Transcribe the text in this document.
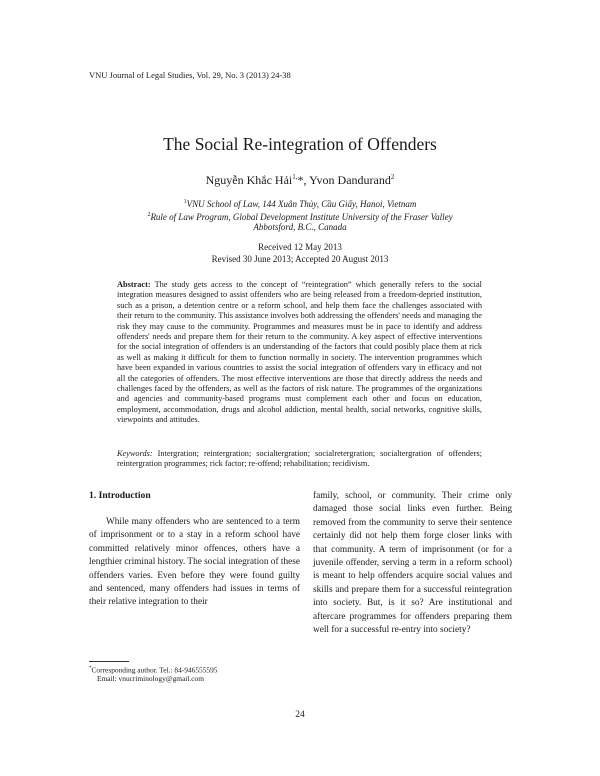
VNU Journal of Legal Studies, Vol. 29, No. 3 (2013) 24-38
The Social Re-integration of Offenders
Nguyễn Khắc Hải$^{1,}$*, Yvon Dandurand$^2$
$^1$VNU School of Law, 144 Xuân Thủy, Cầu Giấy, Hanoi, Vietnam
$^2$Rule of Law Program, Global Development Institute University of the Fraser Valley
Abbotsford, B.C., Canada
Received 12 May 2013
Revised 30 June 2013; Accepted 20 August 2013
Abstract: The study gets access to the concept of “reintegration” which generally refers to the social integration measures designed to assist offenders who are being released from a freedom-depried institution, such as a prison, a detention centre or a reform school, and help them face the challenges associated with their return to the community. This assistance involves both addressing the offenders' needs and managing the risk they may cause to the community. Programmes and measures must be in pace to identify and address offenders' needs and prepare them for their return to the community. A key aspect of effective interventions for the social integration of offenders is an understanding of the factors that could posibly place them at rick as well as making it difficult for them to function normally in society. The intervention programmes which have been expanded in various countries to assist the social integration of offenders vary in efficacy and not all the categories of offenders. The most effective interventions are those that directly address the needs and challenges faced by the offenders, as well as the factors of risk nature. The programmes of the organizations and agencies and community-based programs must complement each other and focus on education, employment, accommodation, drugs and alcohol addiction, mental health, social networks, cognitive skills, viewpoints and attitudes.
Keywords: Intergration; reintergration; socialtergration; socialretergration; socialtergration of offenders; reintergration programmes; rick factor; re-offend; rehabilitation; recidivism.
1. Introduction

While many offenders who are sentenced to a term of imprisonment or to a stay in a reform school have committed relatively minor offences, others have a lengthier criminal history. The social integration of these offenders varies. Even before they were found guilty and sentenced, many offenders had issues in terms of their relative integration to their

family, school, or community. Their crime only damaged those social links even further. Being removed from the community to serve their sentence certainly did not help them forge closer links with that community. A term of imprisonment (or for a juvenile offender, serving a term in a reform school) is meant to help offenders acquire social values and skills and prepare them for a successful reintegration into society. But, is it so? Are institutional and aftercare programmes for offenders preparing them well for a successful re-entry into society?

*Corresponding author. Tel.: 84-946555595
Email: vnucriminology@gmail.com
24
